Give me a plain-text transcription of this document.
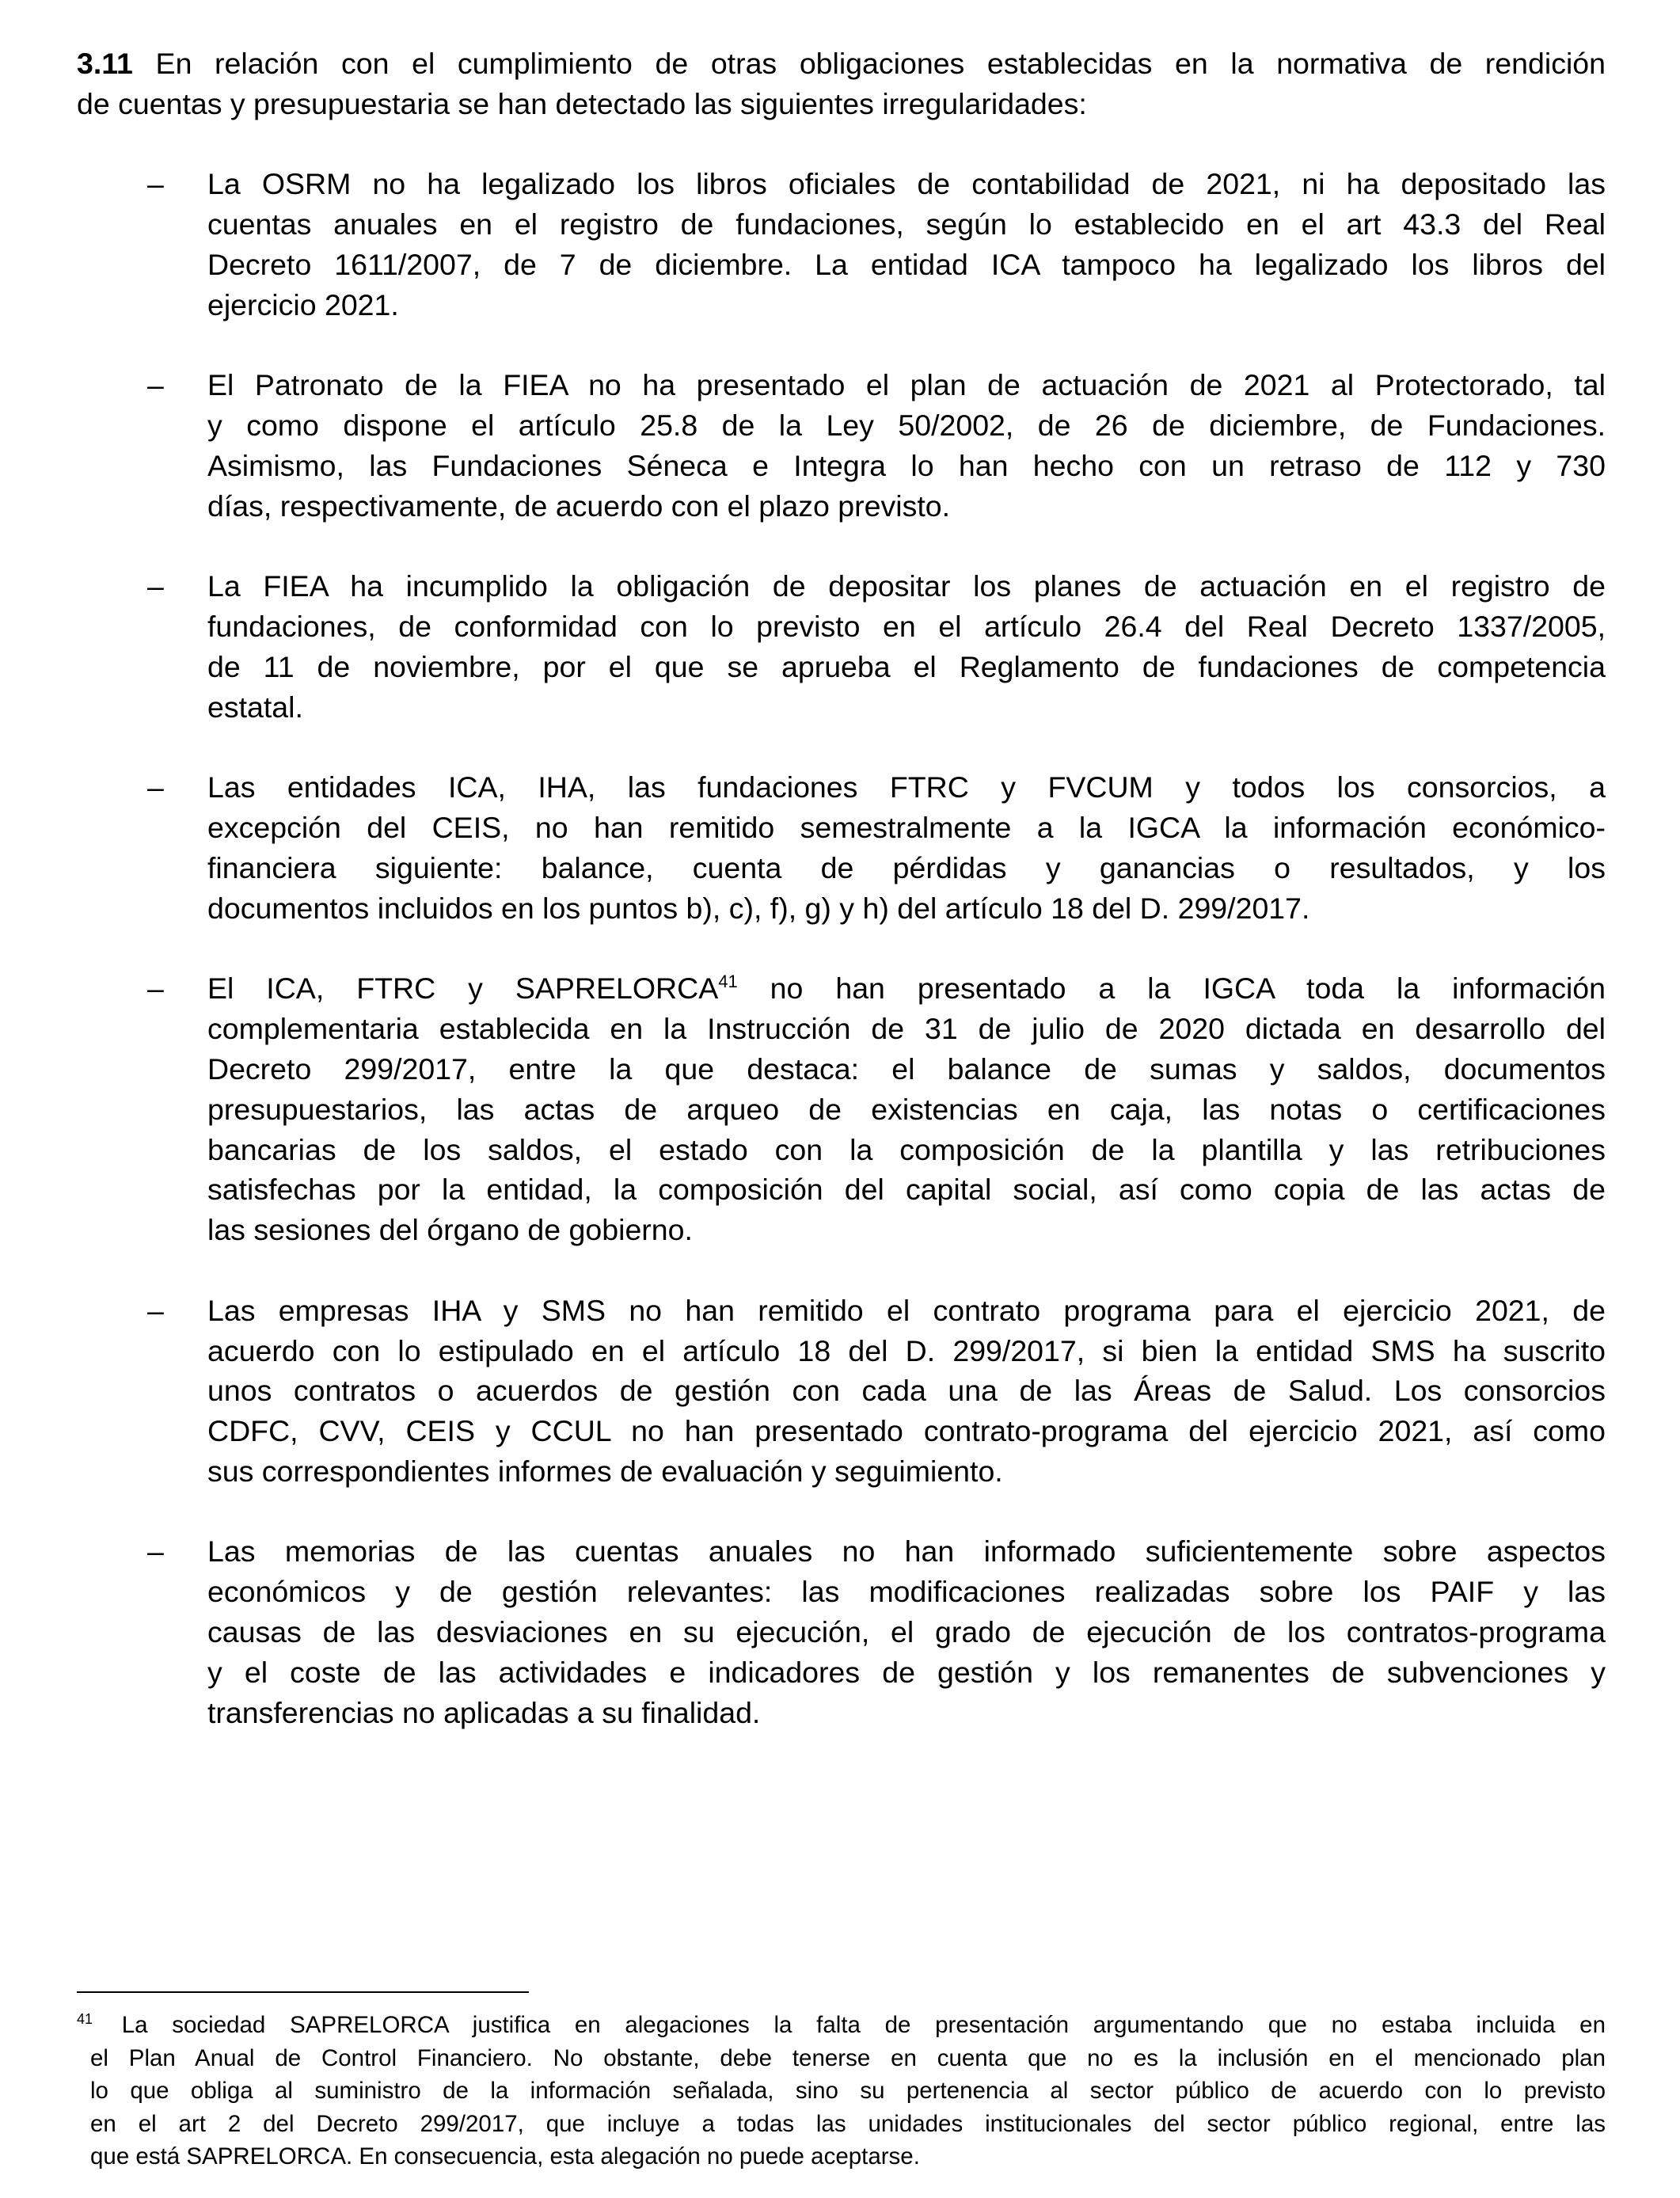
3.11 En relación con el cumplimiento de otras obligaciones establecidas en la normativa de rendición
de cuentas y presupuestaria se han detectado las siguientes irregularidades:
– La OSRM no ha legalizado los libros oficiales de contabilidad de 2021, ni ha depositado las
cuentas anuales en el registro de fundaciones, según lo establecido en el art 43.3 del Real
Decreto 1611/2007, de 7 de diciembre. La entidad ICA tampoco ha legalizado los libros del
ejercicio 2021.
– El Patronato de la FIEA no ha presentado el plan de actuación de 2021 al Protectorado, tal
y como dispone el artículo 25.8 de la Ley 50/2002, de 26 de diciembre, de Fundaciones.
Asimismo, las Fundaciones Séneca e Integra lo han hecho con un retraso de 112 y 730
días, respectivamente, de acuerdo con el plazo previsto.
– La FIEA ha incumplido la obligación de depositar los planes de actuación en el registro de
fundaciones, de conformidad con lo previsto en el artículo 26.4 del Real Decreto 1337/2005,
de 11 de noviembre, por el que se aprueba el Reglamento de fundaciones de competencia
estatal.
– Las entidades ICA, IHA, las fundaciones FTRC y FVCUM y todos los consorcios, a
excepción del CEIS, no han remitido semestralmente a la IGCA la información económico-
financiera siguiente: balance, cuenta de pérdidas y ganancias o resultados, y los
documentos incluidos en los puntos b), c), f), g) y h) del artículo 18 del D. 299/2017.
– El ICA, FTRC y SAPRELORCA$^{41}$ no han presentado a la IGCA toda la información
complementaria establecida en la Instrucción de 31 de julio de 2020 dictada en desarrollo del
Decreto 299/2017, entre la que destaca: el balance de sumas y saldos, documentos
presupuestarios, las actas de arqueo de existencias en caja, las notas o certificaciones
bancarias de los saldos, el estado con la composición de la plantilla y las retribuciones
satisfechas por la entidad, la composición del capital social, así como copia de las actas de
las sesiones del órgano de gobierno.
– Las empresas IHA y SMS no han remitido el contrato programa para el ejercicio 2021, de
acuerdo con lo estipulado en el artículo 18 del D. 299/2017, si bien la entidad SMS ha suscrito
unos contratos o acuerdos de gestión con cada una de las Áreas de Salud. Los consorcios
CDFC, CVV, CEIS y CCUL no han presentado contrato-programa del ejercicio 2021, así como
sus correspondientes informes de evaluación y seguimiento.
– Las memorias de las cuentas anuales no han informado suficientemente sobre aspectos
económicos y de gestión relevantes: las modificaciones realizadas sobre los PAIF y las
causas de las desviaciones en su ejecución, el grado de ejecución de los contratos-programa
y el coste de las actividades e indicadores de gestión y los remanentes de subvenciones y
transferencias no aplicadas a su finalidad.
$^{41}$ La sociedad SAPRELORCA justifica en alegaciones la falta de presentación argumentando que no estaba incluida en
el Plan Anual de Control Financiero. No obstante, debe tenerse en cuenta que no es la inclusión en el mencionado plan
lo que obliga al suministro de la información señalada, sino su pertenencia al sector público de acuerdo con lo previsto
en el art 2 del Decreto 299/2017, que incluye a todas las unidades institucionales del sector público regional, entre las
que está SAPRELORCA. En consecuencia, esta alegación no puede aceptarse.
